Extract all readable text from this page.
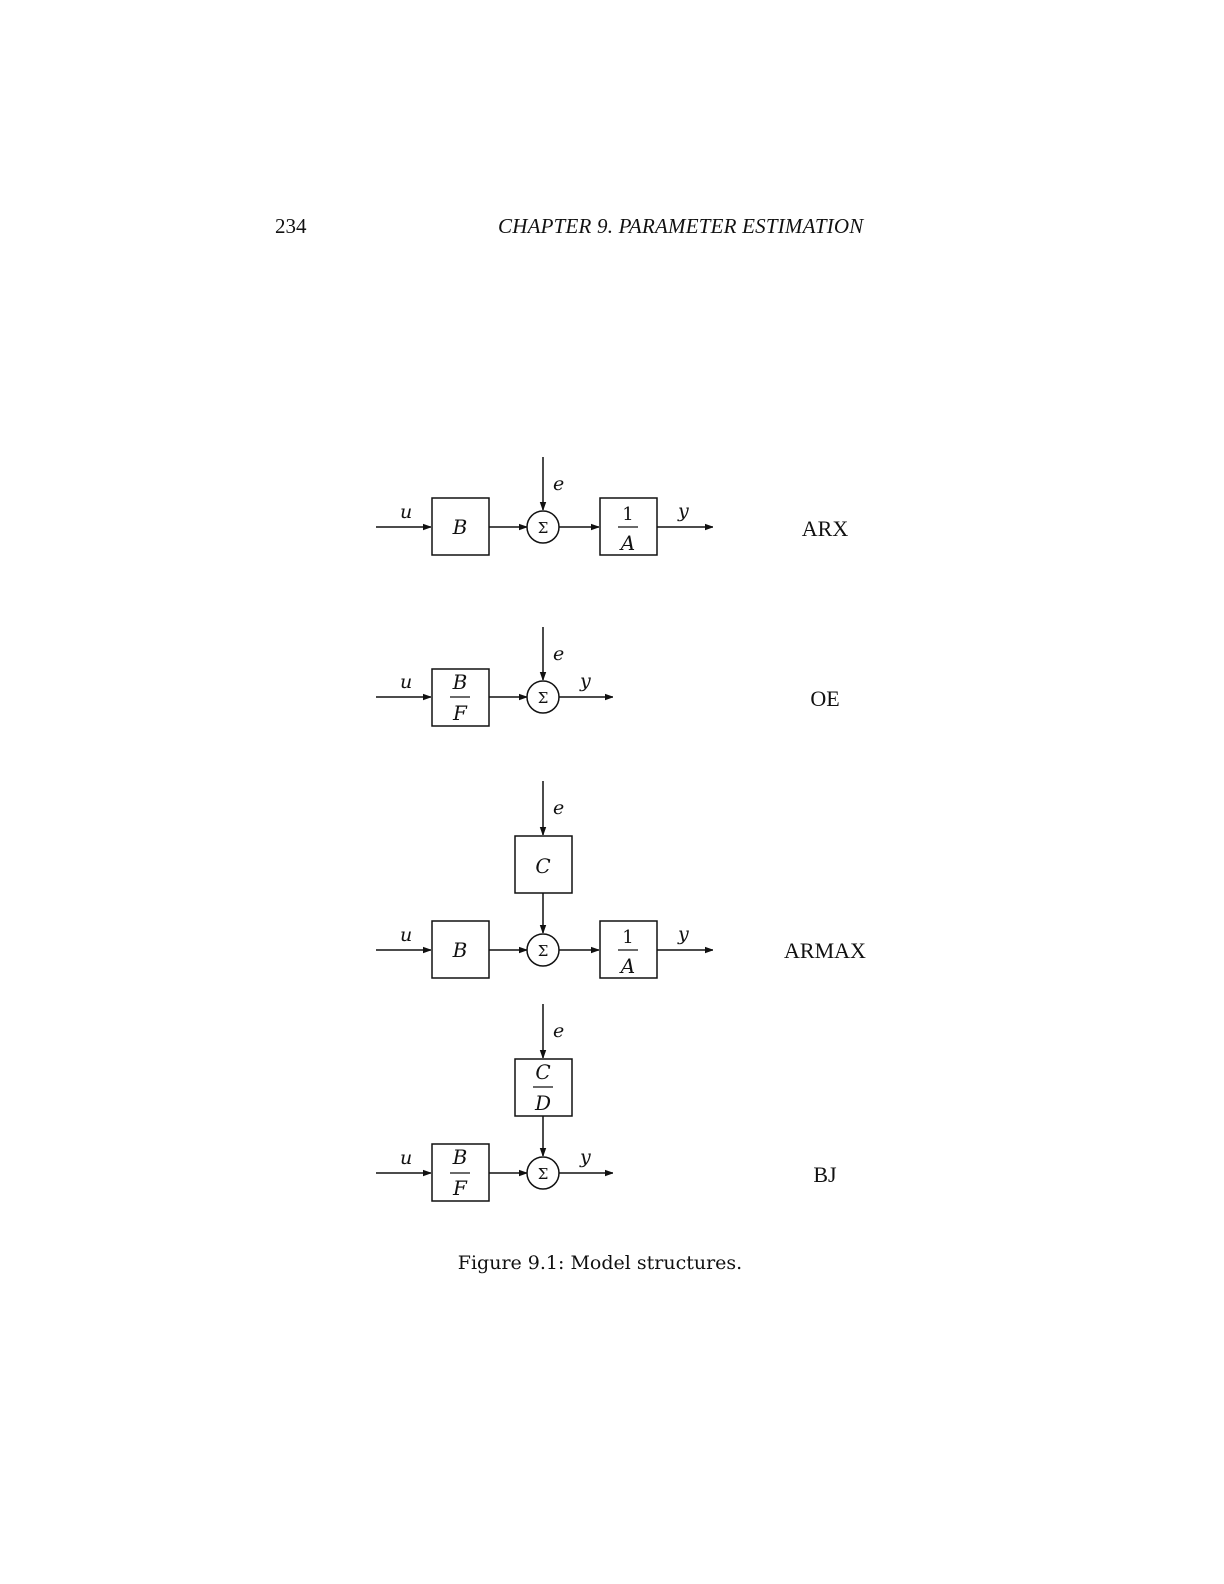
234	CHAPTER 9. PARAMETER ESTIMATION
u
B
e
Σ
1
A
y
ARX
u B
F
e
Σ
y
OE
e
C
u
B	Σ
1
A
y
ARMAX
e
C
D
u B
F
Σ
y
BJ
Figure 9.1: Model structures.
